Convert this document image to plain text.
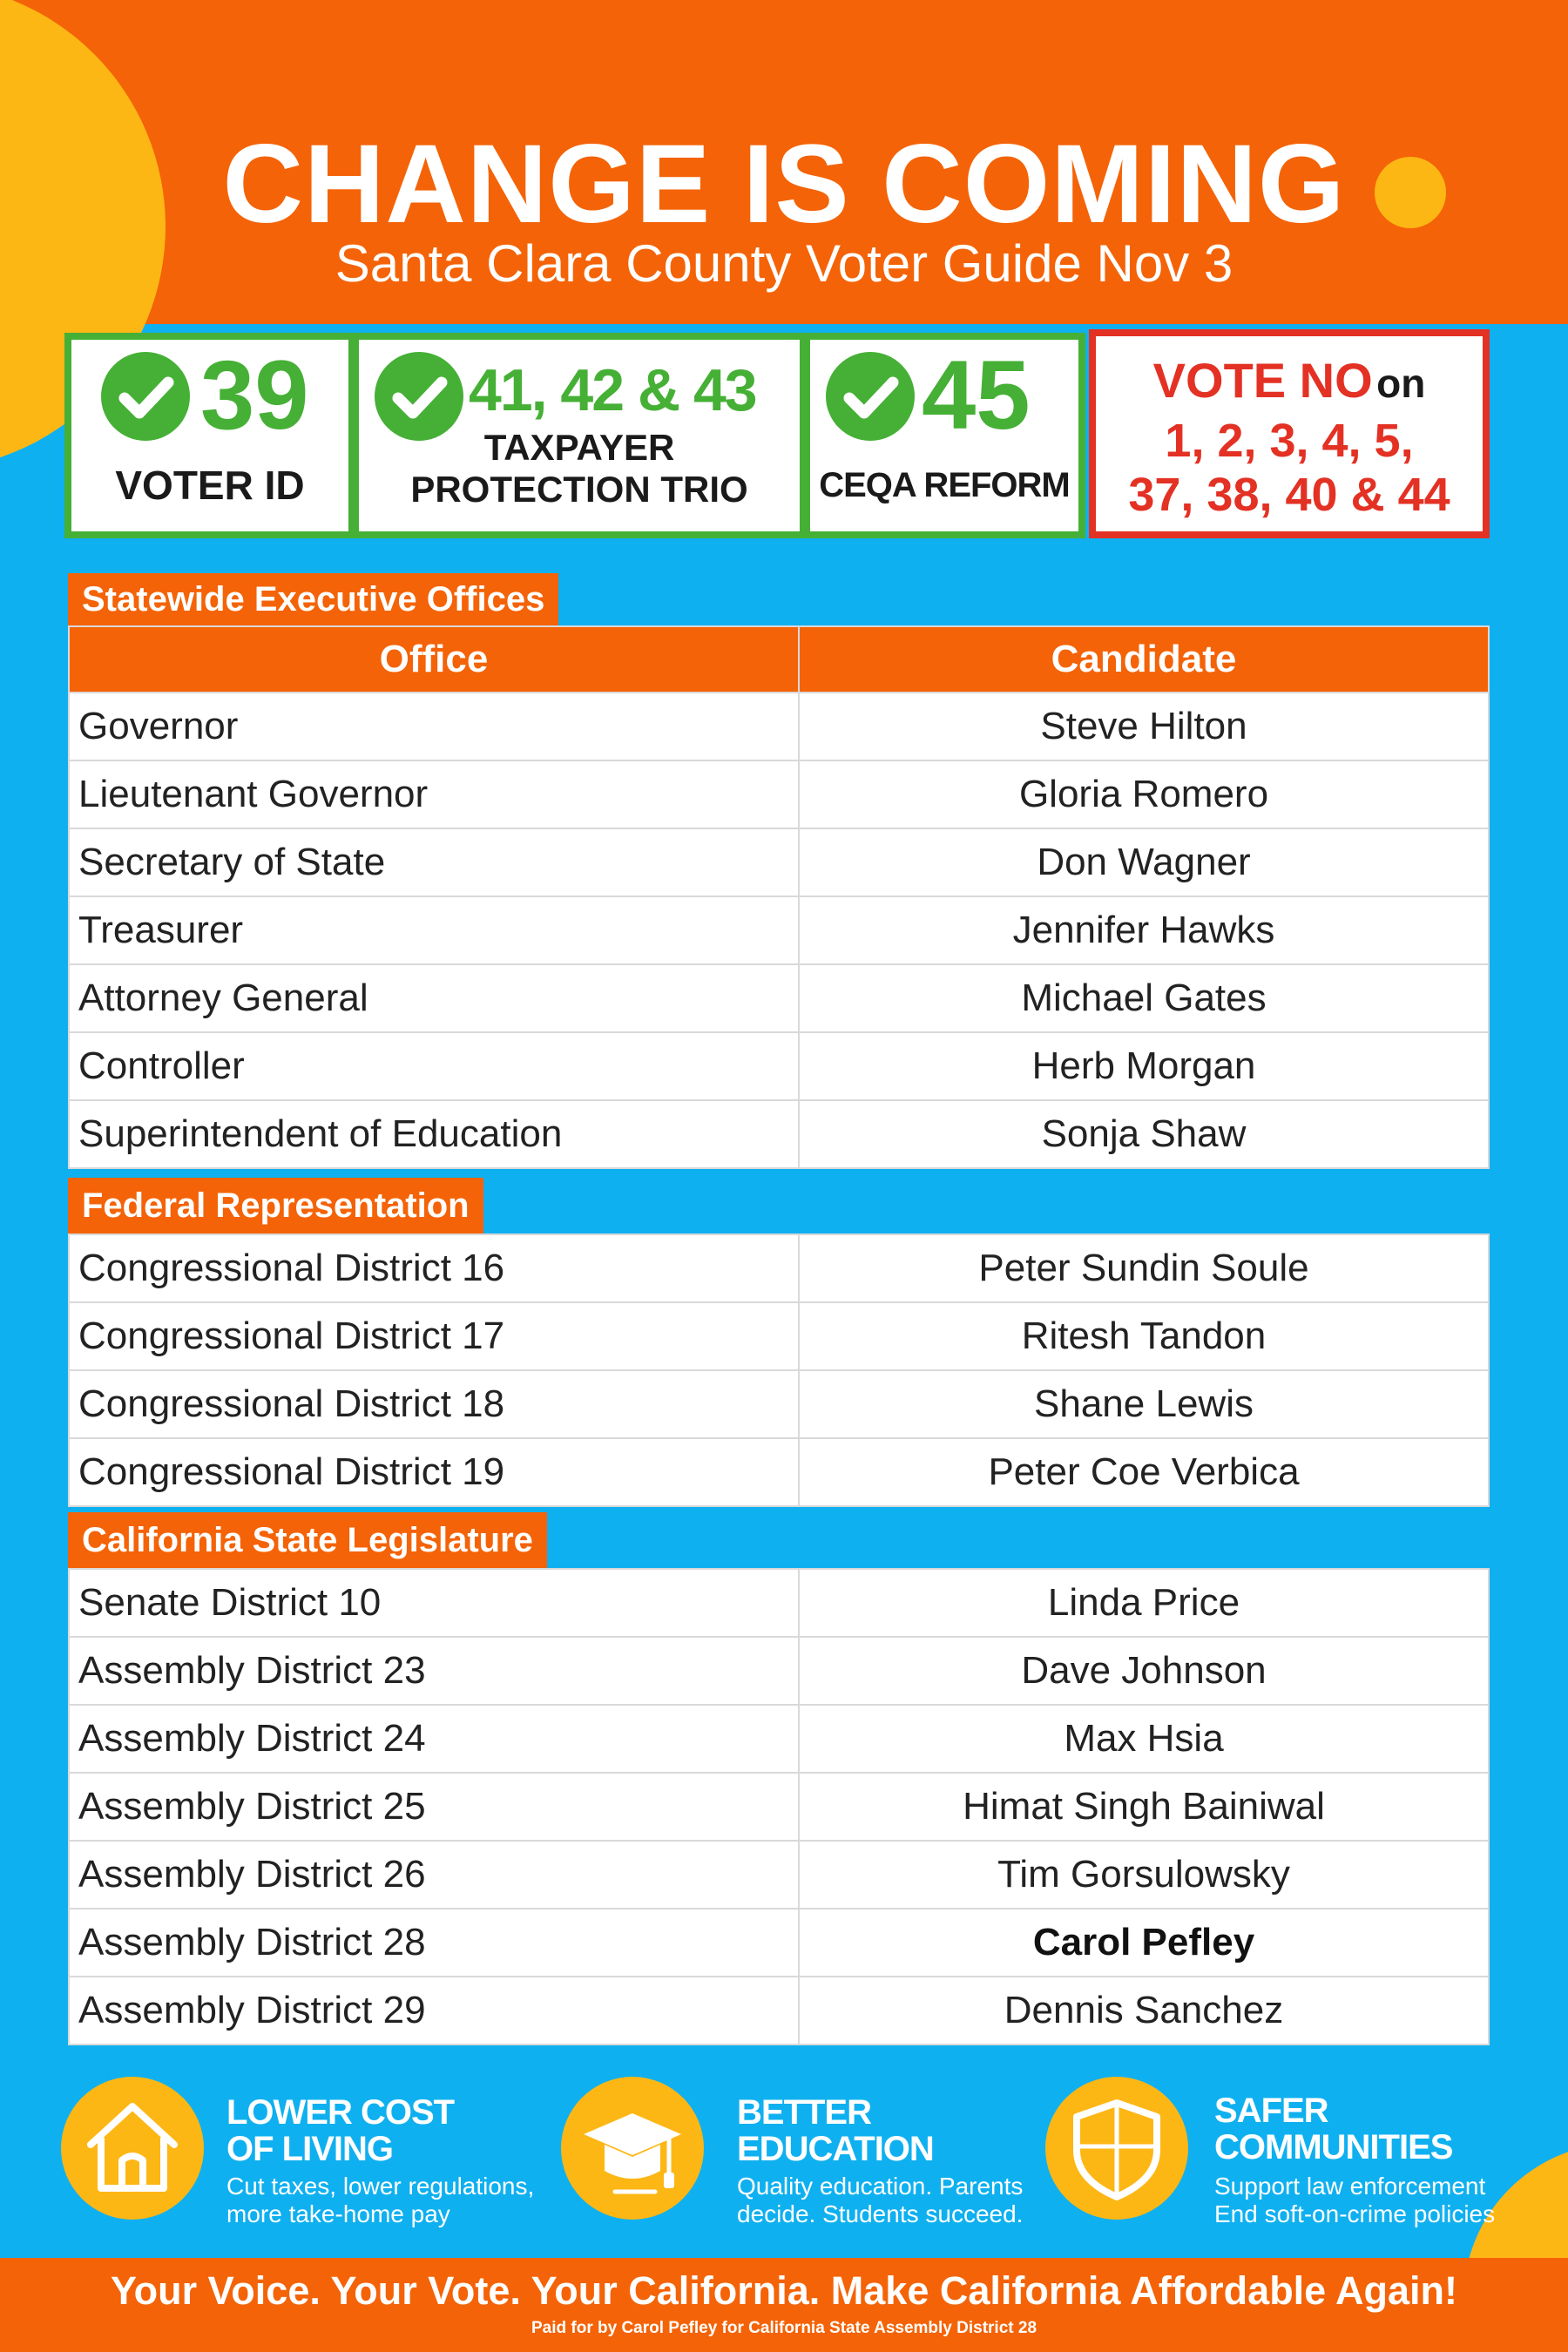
CHANGE IS COMING
Santa Clara County Voter Guide Nov 3
39
VOTER ID
41, 42 & 43
TAXPAYER
PROTECTION TRIO
45
CEQA REFORM
VOTE NO on
1, 2, 3, 4, 5,
37, 38, 40 & 44
Statewide Executive Offices
Office	Candidate
Governor	Steve Hilton
Lieutenant Governor	Gloria Romero
Secretary of State	Don Wagner
Treasurer	Jennifer Hawks
Attorney General	Michael Gates
Controller	Herb Morgan
Superintendent of Education	Sonja Shaw
Federal Representation
Congressional District 16	Peter Sundin Soule
Congressional District 17	Ritesh Tandon
Congressional District 18	Shane Lewis
Congressional District 19	Peter Coe Verbica
California State Legislature
Senate District 10	Linda Price
Assembly District 23	Dave Johnson
Assembly District 24	Max Hsia
Assembly District 25	Himat Singh Bainiwal
Assembly District 26	Tim Gorsulowsky
Assembly District 28	Carol Pefley
Assembly District 29	Dennis Sanchez
LOWER COST
OF LIVING
Cut taxes, lower regulations,
more take-home pay
BETTER
EDUCATION
Quality education. Parents
decide. Students succeed.
SAFER
COMMUNITIES
Support law enforcement
End soft-on-crime policies
Your Voice. Your Vote. Your California. Make California Affordable Again!
Paid for by Carol Pefley for California State Assembly District 28
